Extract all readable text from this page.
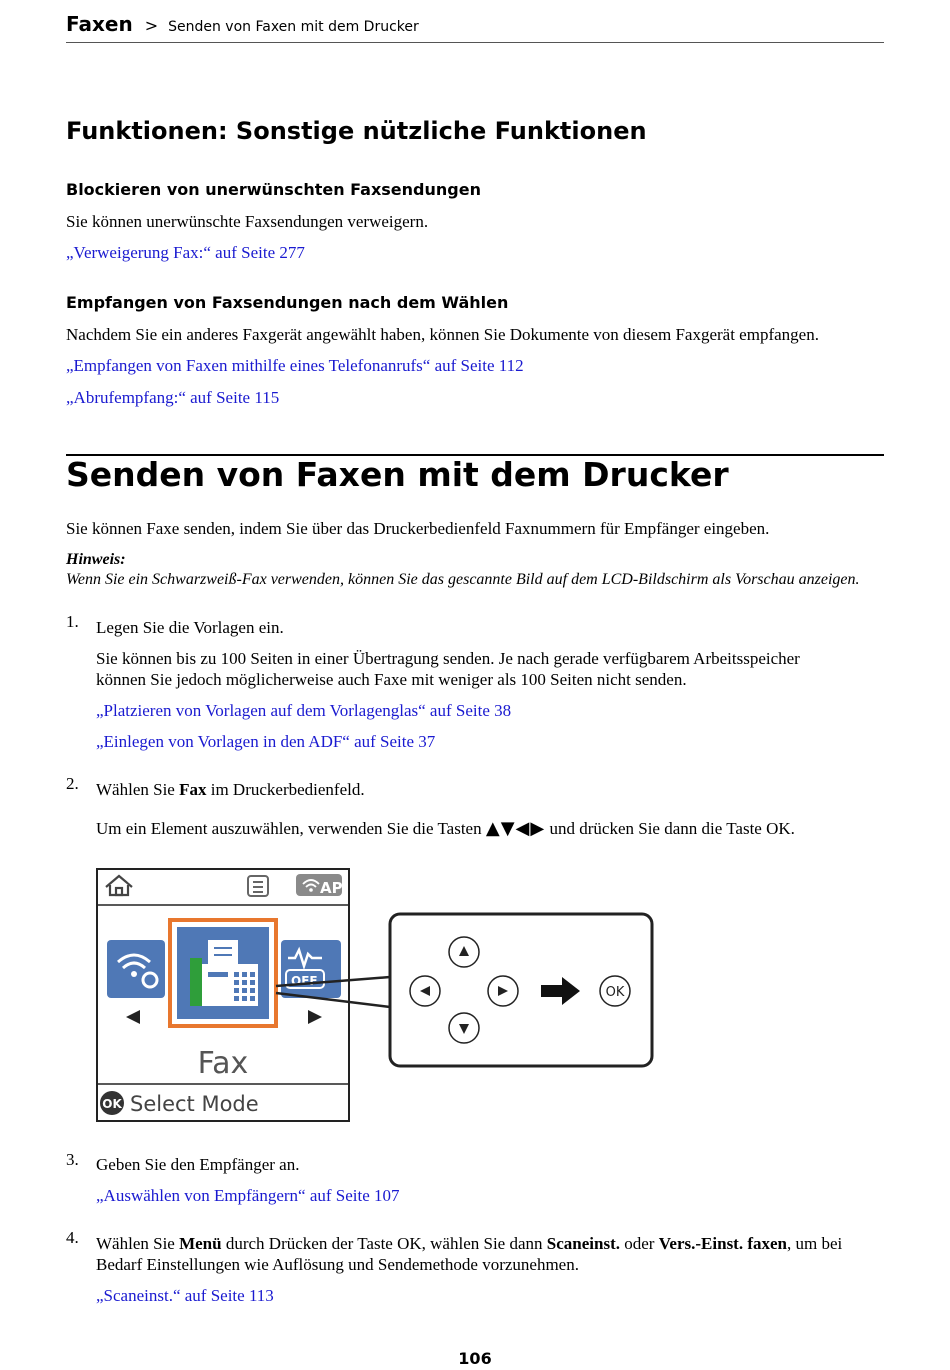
Faxen > Senden von Faxen mit dem Drucker
Funktionen: Sonstige nützliche Funktionen
Blockieren von unerwünschten Faxsendungen
Sie können unerwünschte Faxsendungen verweigern.
„Verweigerung Fax:“ auf Seite 277
Empfangen von Faxsendungen nach dem Wählen
Nachdem Sie ein anderes Faxgerät angewählt haben, können Sie Dokumente von diesem Faxgerät empfangen.
„Empfangen von Faxen mithilfe eines Telefonanrufs“ auf Seite 112
„Abrufempfang:“ auf Seite 115
Senden von Faxen mit dem Drucker
Sie können Faxe senden, indem Sie über das Druckerbedienfeld Faxnummern für Empfänger eingeben.
Hinweis:
Wenn Sie ein Schwarzweiß-Fax verwenden, können Sie das gescannte Bild auf dem LCD-Bildschirm als Vorschau anzeigen.
1. Legen Sie die Vorlagen ein.
Sie können bis zu 100 Seiten in einer Übertragung senden. Je nach gerade verfügbarem Arbeitsspeicher
können Sie jedoch möglicherweise auch Faxe mit weniger als 100 Seiten nicht senden.
„Platzieren von Vorlagen auf dem Vorlagenglas“ auf Seite 38
„Einlegen von Vorlagen in den ADF“ auf Seite 37
2. Wählen Sie Fax im Druckerbedienfeld.
Um ein Element auszuwählen, verwenden Sie die Tasten ▲▼◀▶ und drücken Sie dann die Taste OK.
AP
OFF
Fax
OK Select Mode
OK
3. Geben Sie den Empfänger an.
„Auswählen von Empfängern“ auf Seite 107
4. Wählen Sie Menü durch Drücken der Taste OK, wählen Sie dann Scaneinst. oder Vers.-Einst. faxen, um bei
Bedarf Einstellungen wie Auflösung und Sendemethode vorzunehmen.
„Scaneinst.“ auf Seite 113
106
